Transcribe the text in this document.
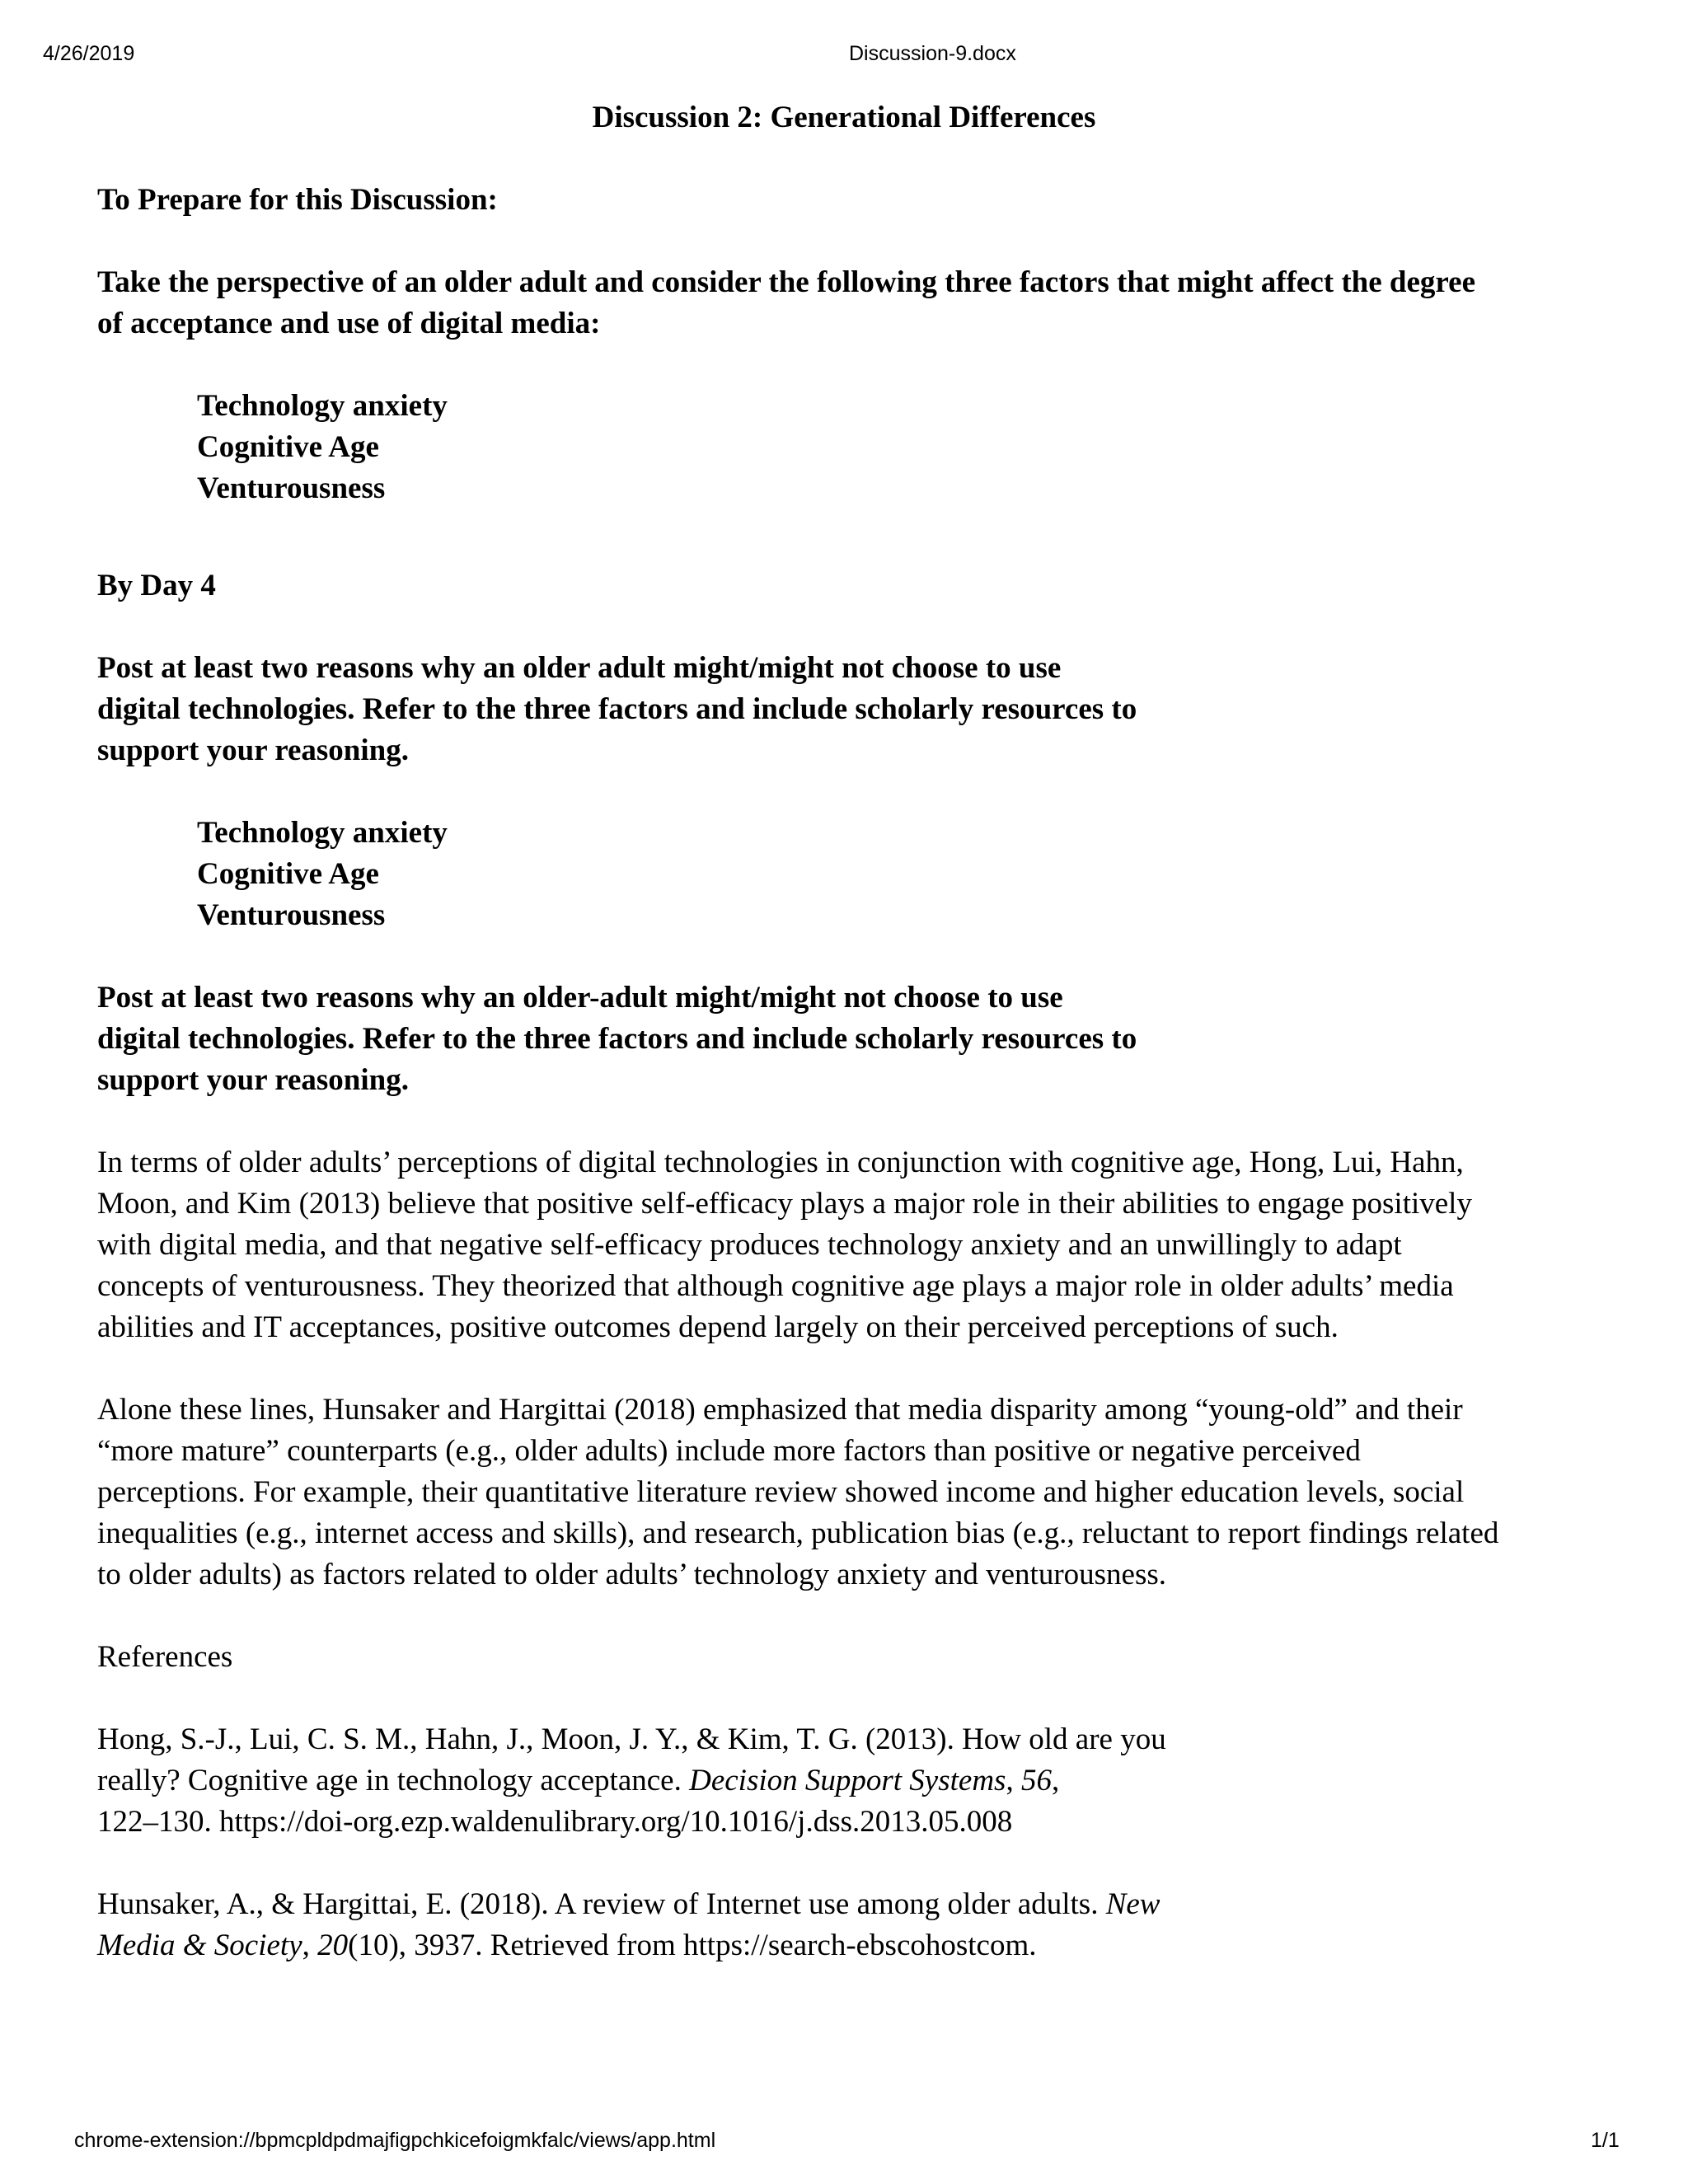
4/26/2019	Discussion-9.docx
Discussion 2: Generational Differences
To Prepare for this Discussion:
Take the perspective of an older adult and consider the following three factors that might affect the degree
of acceptance and use of digital media:
Technology anxiety
Cognitive Age
Venturousness
By Day 4
Post at least two reasons why an older adult might/might not choose to use
digital technologies. Refer to the three factors and include scholarly resources to
support your reasoning.
Technology anxiety
Cognitive Age
Venturousness
Post at least two reasons why an older-adult might/might not choose to use
digital technologies. Refer to the three factors and include scholarly resources to
support your reasoning.
In terms of older adults’ perceptions of digital technologies in conjunction with cognitive age, Hong, Lui, Hahn,
Moon, and Kim (2013) believe that positive self-efficacy plays a major role in their abilities to engage positively
with digital media, and that negative self-efficacy produces technology anxiety and an unwillingly to adapt
concepts of venturousness. They theorized that although cognitive age plays a major role in older adults’ media
abilities and IT acceptances, positive outcomes depend largely on their perceived perceptions of such.
Alone these lines, Hunsaker and Hargittai (2018) emphasized that media disparity among “young-old” and their
“more mature” counterparts (e.g., older adults) include more factors than positive or negative perceived
perceptions. For example, their quantitative literature review showed income and higher education levels, social
inequalities (e.g., internet access and skills), and research, publication bias (e.g., reluctant to report findings related
to older adults) as factors related to older adults’ technology anxiety and venturousness.
References
Hong, S.-J., Lui, C. S. M., Hahn, J., Moon, J. Y., & Kim, T. G. (2013). How old are you
really? Cognitive age in technology acceptance. Decision Support Systems, 56,
122–130. https://doi-org.ezp.waldenulibrary.org/10.1016/j.dss.2013.05.008
Hunsaker, A., & Hargittai, E. (2018). A review of Internet use among older adults. New
Media & Society, 20(10), 3937. Retrieved from https://search-ebscohostcom.
chrome-extension://bpmcpldpdmajfigpchkicefoigmkfalc/views/app.html	1/1
